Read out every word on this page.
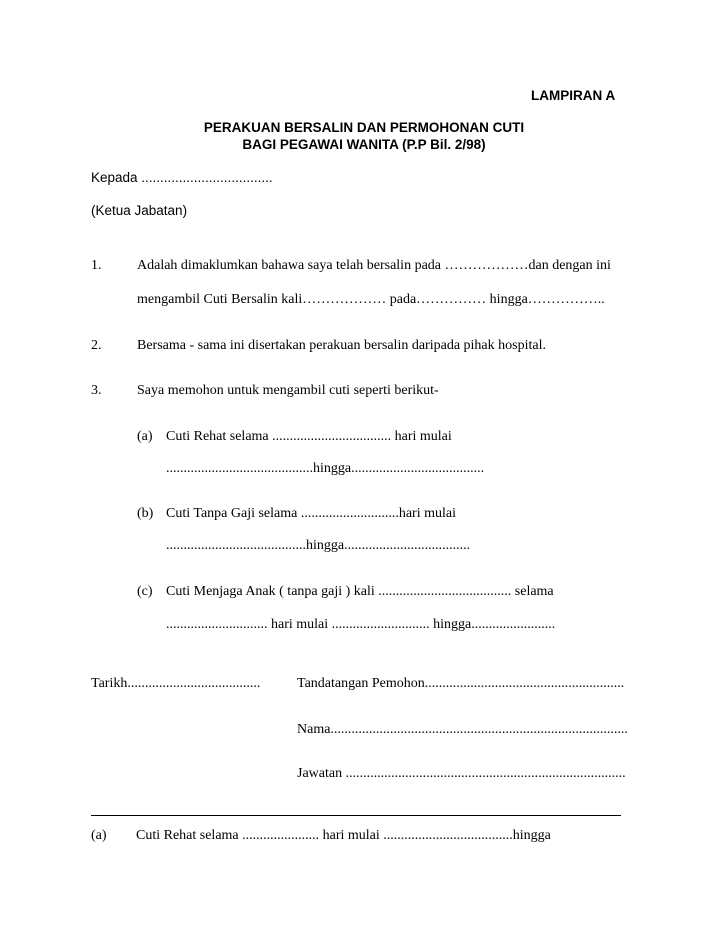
LAMPIRAN A
PERAKUAN BERSALIN DAN PERMOHONAN CUTI
BAGI PEGAWAI WANITA (P.P Bil. 2/98)
Kepada ...................................
(Ketua Jabatan)
1.	Adalah dimaklumkan bahawa saya telah bersalin pada ………………dan dengan ini
mengambil Cuti Bersalin kali……………… pada…………… hingga……………..
2.	Bersama - sama ini disertakan perakuan bersalin daripada pihak hospital.
3.	Saya memohon untuk mengambil cuti seperti berikut-
(a) Cuti Rehat selama .................................. hari mulai
..........................................hingga......................................
(b) Cuti Tanpa Gaji selama ............................hari mulai
........................................hingga....................................
(c) Cuti Menjaga Anak ( tanpa gaji ) kali ...................................... selama
............................. hari mulai ............................ hingga........................
Tarikh......................................	Tandatangan Pemohon.........................................................
Nama.....................................................................................
Jawatan ................................................................................
(a) Cuti Rehat selama ...................... hari mulai .....................................hingga
